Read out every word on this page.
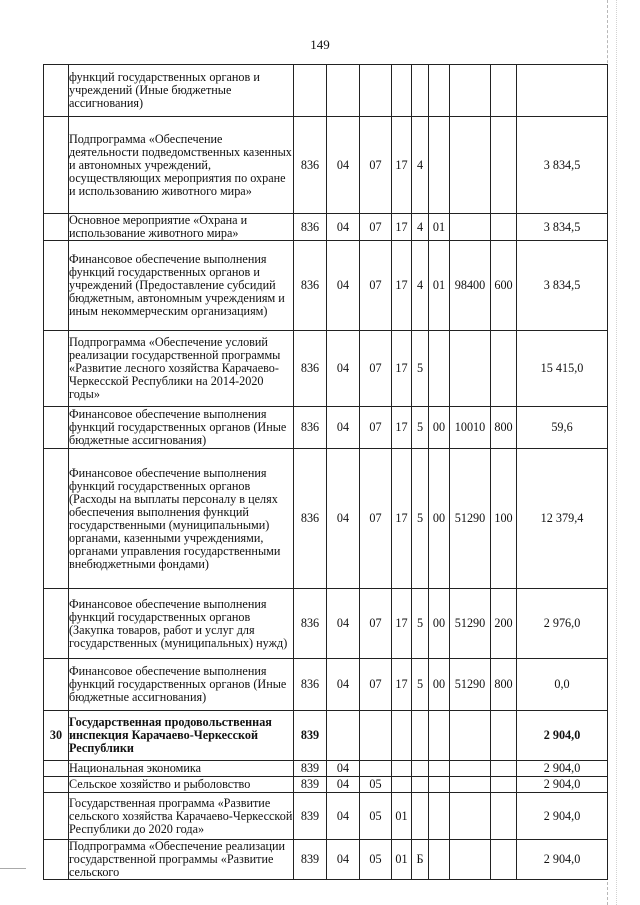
149
	функций государственных органов и учреждений (Иные бюджетные ассигнования)									
	Подпрограмма «Обеспечение деятельности подведомственных казенных и автономных учреждений, осуществляющих мероприятия по охране и использованию животного мира»	836	04	07	17	4				3 834,5
	Основное мероприятие «Охрана и использование животного мира»	836	04	07	17	4	01			3 834,5
	Финансовое обеспечение выполнения функций государственных органов и учреждений (Предоставление субсидий бюджетным, автономным учреждениям и иным некоммерческим организациям)	836	04	07	17	4	01	98400	600	3 834,5
	Подпрограмма «Обеспечение условий реализации государственной программы «Развитие лесного хозяйства Карачаево-Черкесской Республики на 2014-2020 годы»	836	04	07	17	5				15 415,0
	Финансовое обеспечение выполнения функций государственных органов (Иные бюджетные ассигнования)	836	04	07	17	5	00	10010	800	59,6
	Финансовое обеспечение выполнения функций государственных органов (Расходы на выплаты персоналу в целях обеспечения выполнения функций государственными (муниципальными) органами, казенными учреждениями, органами управления государственными внебюджетными фондами)	836	04	07	17	5	00	51290	100	12 379,4
	Финансовое обеспечение выполнения функций государственных органов (Закупка товаров, работ и услуг для государственных (муниципальных) нужд)	836	04	07	17	5	00	51290	200	2 976,0
	Финансовое обеспечение выполнения функций государственных органов (Иные бюджетные ассигнования)	836	04	07	17	5	00	51290	800	0,0
30	Государственная продовольственная инспекция Карачаево-Черкесской Республики	839								2 904,0
	Национальная экономика	839	04							2 904,0
	Сельское хозяйство и рыболовство	839	04	05						2 904,0
	Государственная программа «Развитие сельского хозяйства Карачаево-Черкесской Республики до 2020 года»	839	04	05	01					2 904,0
	Подпрограмма «Обеспечение реализации государственной программы «Развитие сельского	839	04	05	01	Б				2 904,0
